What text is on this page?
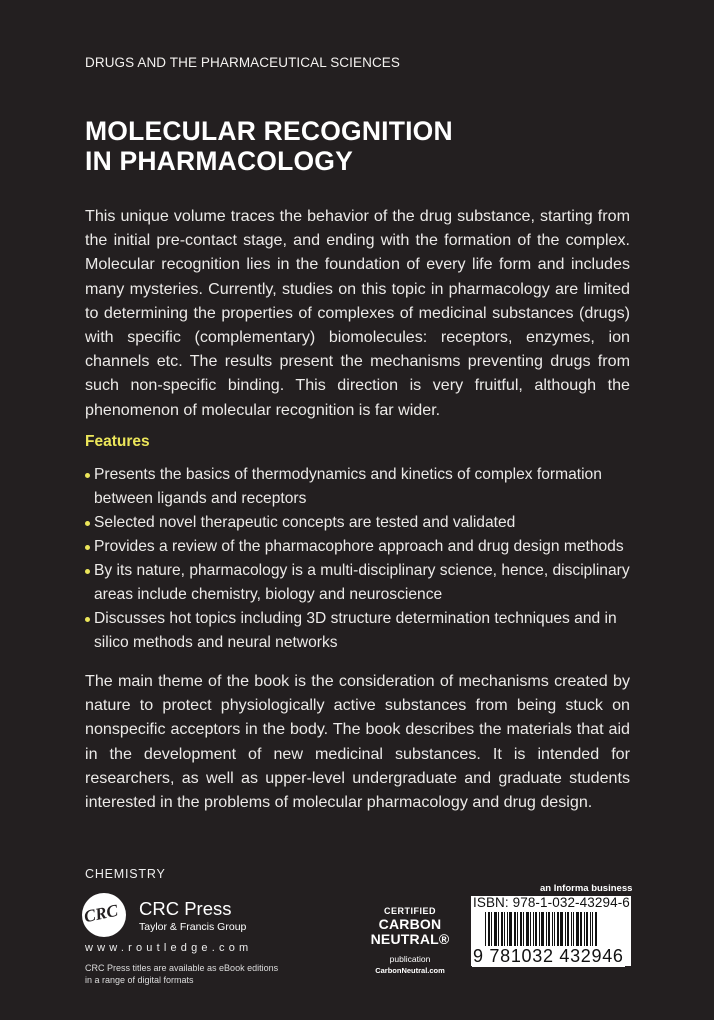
DRUGS AND THE PHARMACEUTICAL SCIENCES
MOLECULAR RECOGNITION
IN PHARMACOLOGY

This unique volume traces the behavior of the drug substance, starting from the initial pre-contact stage, and ending with the formation of the complex. Molecular recognition lies in the foundation of every life form and includes many mysteries. Currently, studies on this topic in pharmacology are limited to determining the properties of complexes of medicinal substances (drugs) with specific (complementary) biomolecules: receptors, enzymes, ion channels etc. The results present the mechanisms preventing drugs from such non-specific binding. This direction is very fruitful, although the phenomenon of molecular recognition is far wider.

Features
Presents the basics of thermodynamics and kinetics of complex formation between ligands and receptors
Selected novel therapeutic concepts are tested and validated
Provides a review of the pharmacophore approach and drug design methods
By its nature, pharmacology is a multi-disciplinary science, hence, disciplinary areas include chemistry, biology and neuroscience
Discusses hot topics including 3D structure determination techniques and in silico methods and neural networks

The main theme of the book is the consideration of mechanisms created by nature to protect physiologically active substances from being stuck on nonspecific acceptors in the body. The book describes the materials that aid in the development of new medicinal substances. It is intended for researchers, as well as upper-level undergraduate and graduate students interested in the problems of molecular pharmacology and drug design.

CHEMISTRY
CRC CRC Press
Taylor & Francis Group
www.routledge.com
CRC Press titles are available as eBook editions in a range of digital formats
CERTIFIED
CARBON
NEUTRAL®
publication
CarbonNeutral.com
an Informa business
ISBN: 978-1-032-43294-6
9 781032 432946
